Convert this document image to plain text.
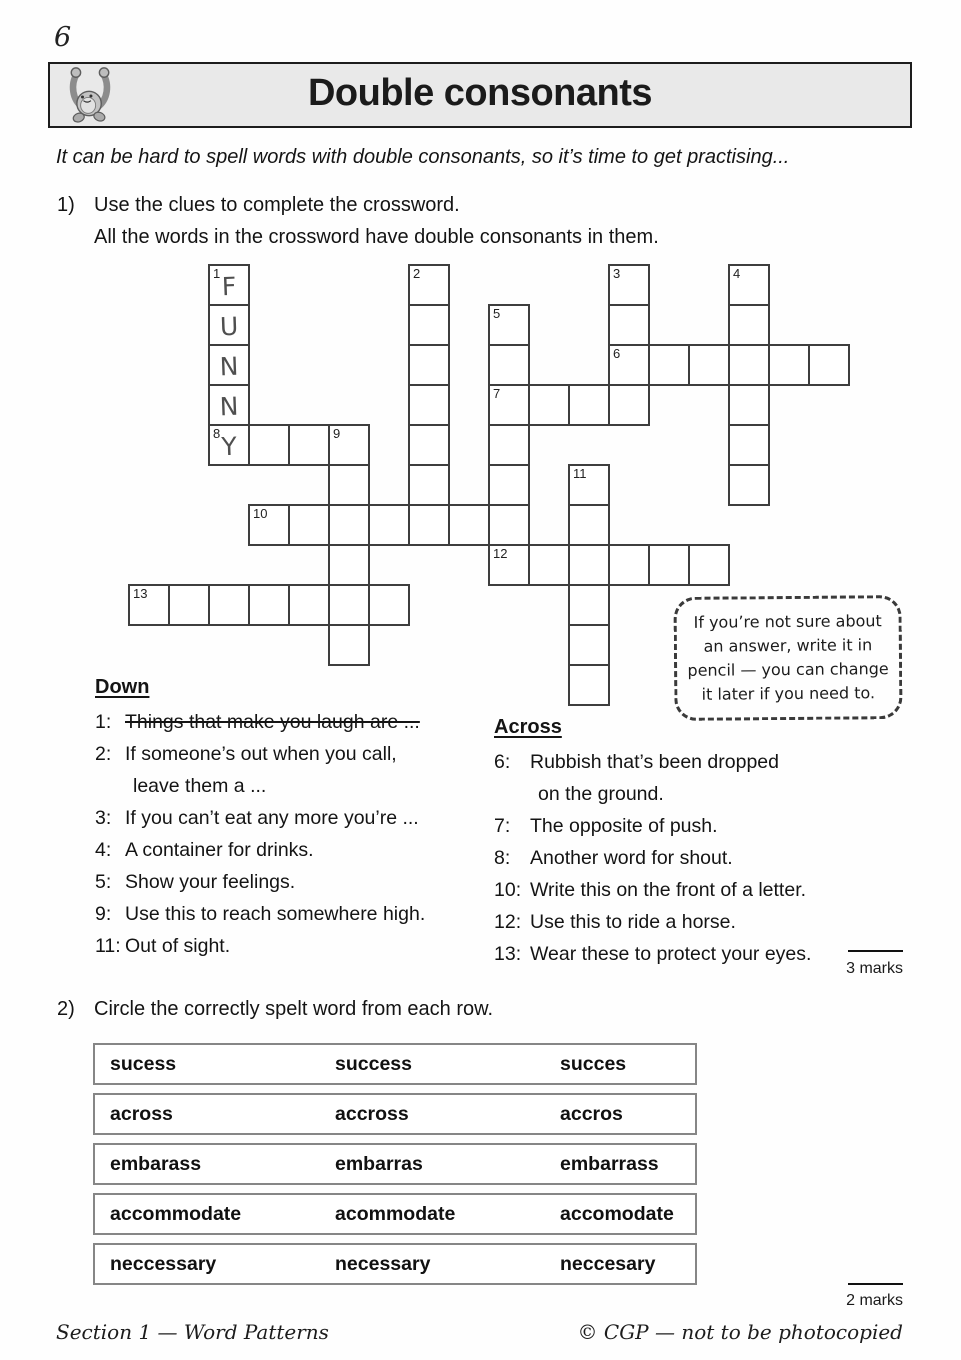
6
Double consonants
It can be hard to spell words with double consonants, so it’s time to get practising...
1) Use the clues to complete the crossword.
All the words in the crossword have double consonants in them.
1 F	2	3	4
U	5
N	6
N	7
8 Y	9
11
10
12
13
If you’re not sure about
an answer, write it in
pencil — you can change
it later if you need to.
Down
1: Things that make you laugh are ...
2: If someone’s out when you call,
leave them a ...
3: If you can’t eat any more you’re ...
4: A container for drinks.
5: Show your feelings.
9: Use this to reach somewhere high.
11: Out of sight.
Across
6:	Rubbish that’s been dropped
on the ground.
7:	The opposite of push.
8:	Another word for shout.
10: Write this on the front of a letter.
12: Use this to ride a horse.
13: Wear these to protect your eyes.
3 marks
2) Circle the correctly spelt word from each row.
sucess	success	succes
across	accross	accros
embarass	embarras	embarrass
accommodate	acommodate	accomodate
neccessary	necessary	neccesary
2 marks
Section 1 — Word Patterns	© CGP — not to be photocopied
